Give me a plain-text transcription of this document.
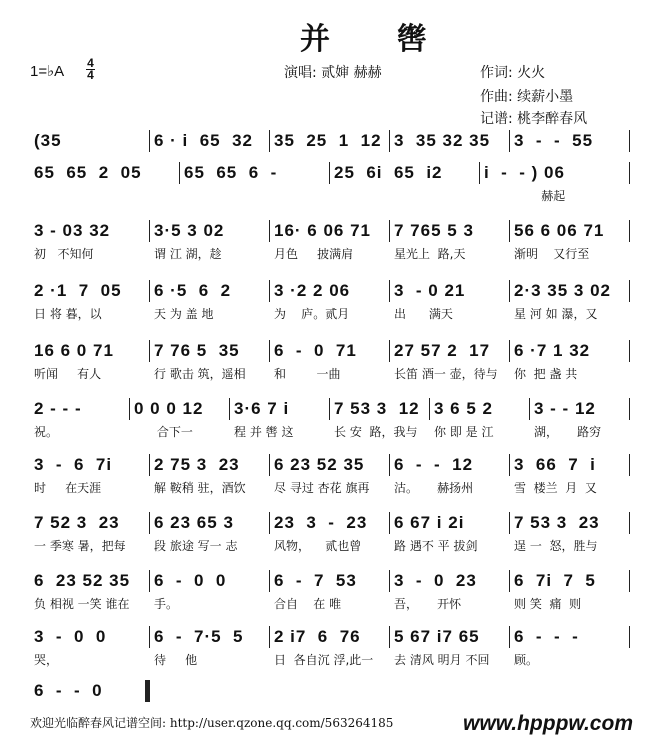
并 辔
1=♭A 4
4	演唱: 贰婶 赫赫	作词: 火火
作曲: 续薪小墨
记谱: 桃李醉春风
(35	6 · i  65  32	35  25  1  12 3  35 32 35	3  -  -  55
65  65  2  05	65  65  6  -	25  6i  65  i2	i  -  - ) 06
赫起
3 - 03 32
初   不知何
3·5 3 02
谓 江 湖，趁
16· 6 06 71
月色     披满肩
7 765 5 3
星光上  路,天
56 6 06 71
渐明    又行至
2 ·1  7  05
日 将 暮，以
6 ·5  6  2
天 为 盖 地
3 ·2 2 06
为    庐。贰月
3  - 0 21
出      满天
2·3 35 3 02
星 河 如 瀑，又
16 6 0 71
听闻     有人
7 76 5  35
行 歌击 筑，遥相
6  -  0  71
和        一曲
27 57 2  17
长笛 酒一 壶，待与
6 ·7 1 32
你  把 盏 共
2 - - -
祝。
0 0 0 12
合下一
3·6 7 i
程 并 辔 这
7 53 3  12
长 安  路，我与
3 6 5 2
你 即 是 江
3 - - 12
湖，     路穷
3  -  6  7i
时     在天涯
2 75 3  23
解 鞍稍 驻，酒饮
6 23 52 35
尽 寻过 杏花 旗再
6  -  -  12
沽。     赫扬州
3  66  7  i
雪  楼兰  月  又
7 52 3  23
一 季寒 暑，把每
6 23 65 3
段 旅途 写一 志
23  3  -  23
风物，    贰也曾
6 67 i 2i
路 遇不 平 拔剑
7 53 3  23
逞 一  怒，胜与
6  23 52 35
负 相视 一笑 谁在
6  -  0  0
手。
6  -  7  53
合自    在 唯
3  -  0  23
吾，     开怀
6  7i  7  5
则 笑  痛  则
3  -  0  0
哭，
6  -  7·5  5
待     他
2 i7  6  76
日  各自沉 浮,此一
5 67 i7 65
去 清风 明月 不回
6  -  -  -
顾。
6  -  -  0
欢迎光临醉春风记谱空间: http://user.qzone.qq.com/563264185	www.hpppw.com
